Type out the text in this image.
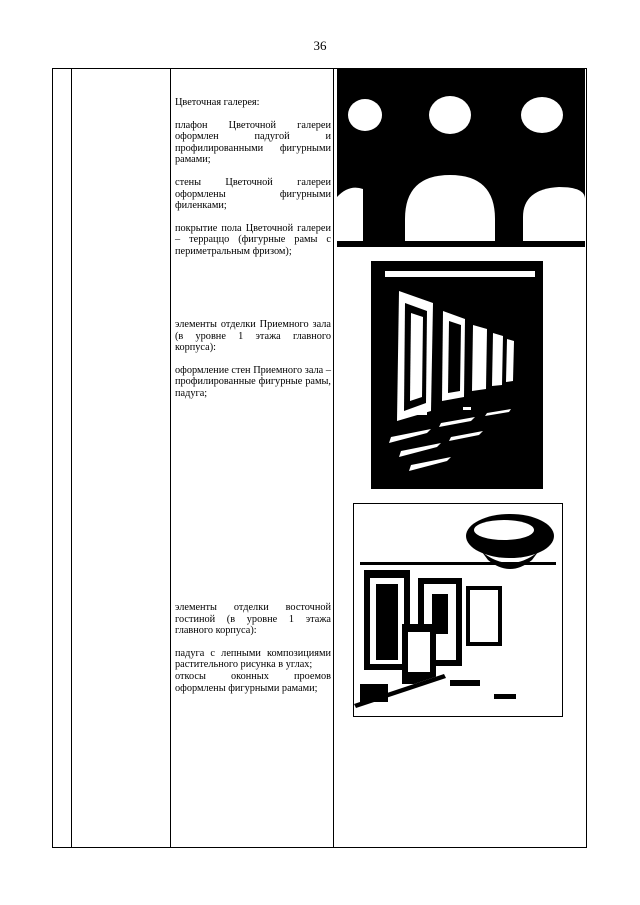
36

Цветочная галерея:

плафон Цветочной галереи оформлен падугой и профилированными фигурными рамами;

стены Цветочной галереи оформлены фигурными филенками;

покрытие пола Цветочной галереи – терраццо (фигурные рамы с периметральным фризом);

элементы отделки Приемного зала (в уровне 1 этажа главного корпуса):

оформление стен Приемного зала – профилированные фигурные рамы, падуга;

элементы отделки восточной гостиной (в уровне 1 этажа главного корпуса):

падуга с лепными композициями растительного рисунка в углах;

откосы оконных проемов оформлены фигурными рамами;
